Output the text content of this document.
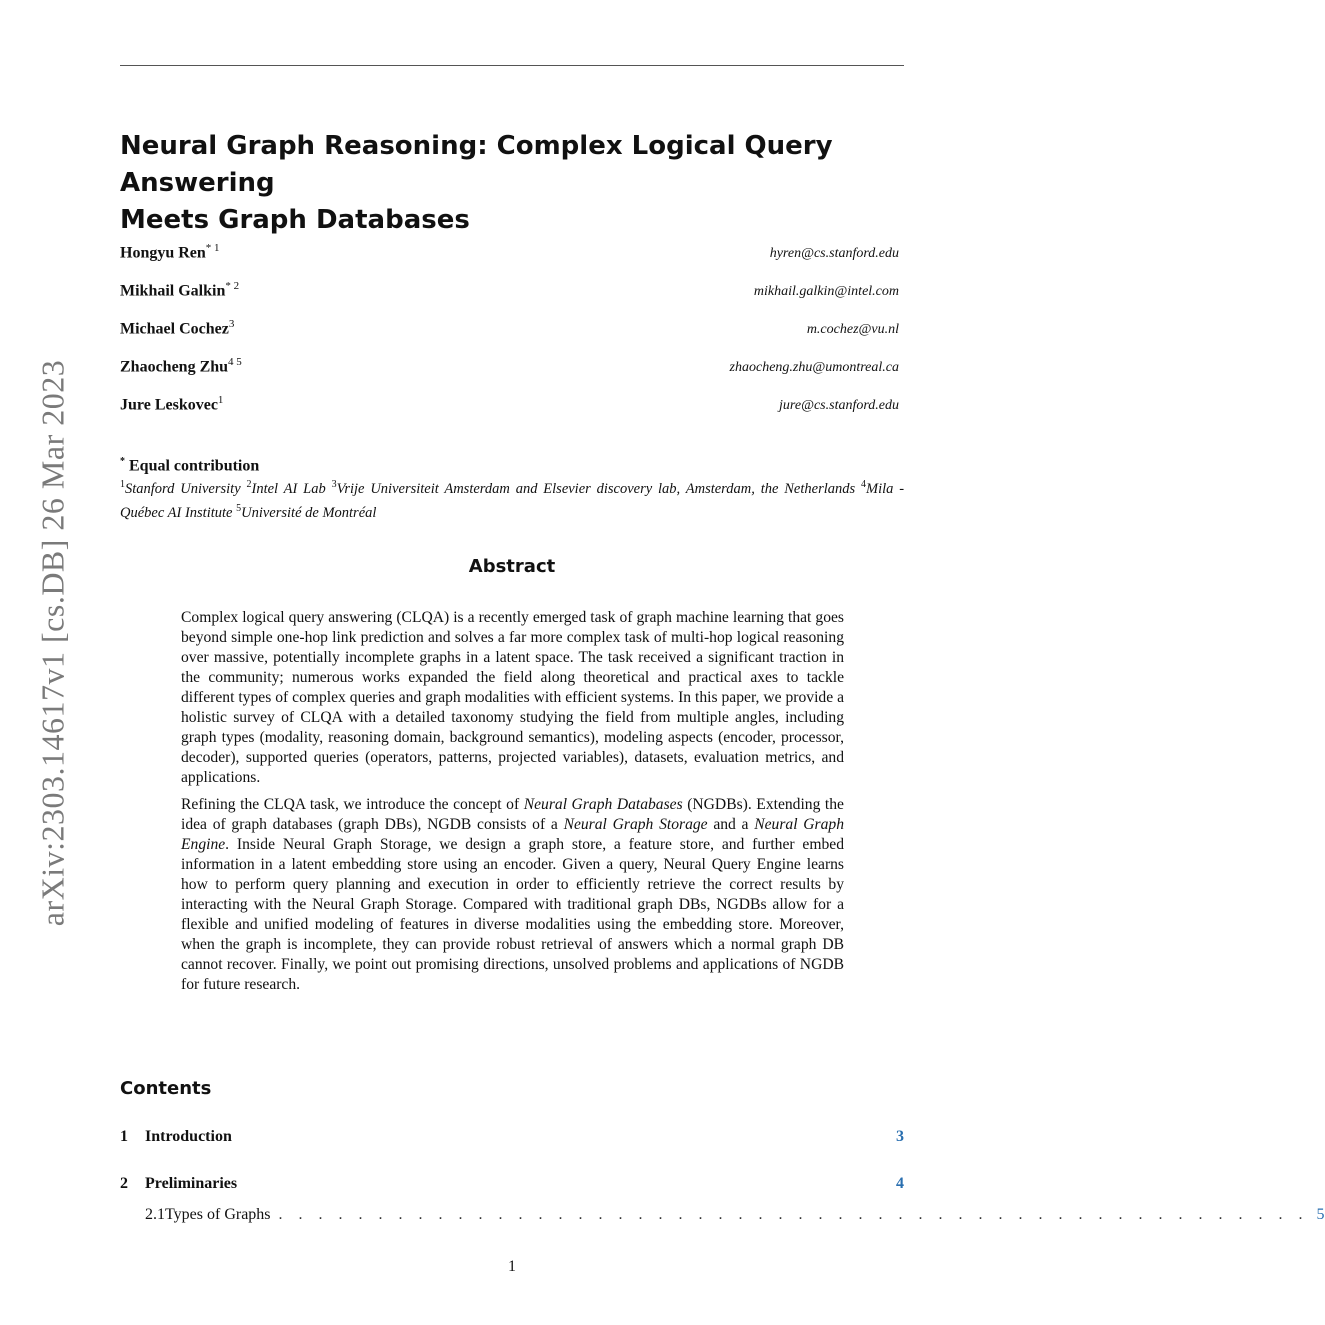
arXiv:2303.14617v1 [cs.DB] 26 Mar 2023
Neural Graph Reasoning: Complex Logical Query Answering
Meets Graph Databases
Hongyu Ren$^{* 1}$	hyren@cs.stanford.edu
Mikhail Galkin$^{* 2}$	mikhail.galkin@intel.com
Michael Cochez$^3$	m.cochez@vu.nl
Zhaocheng Zhu$^{4 5}$	zhaocheng.zhu@umontreal.ca
Jure Leskovec$^1$	jure@cs.stanford.edu
* Equal contribution
$^1$Stanford University $^2$Intel AI Lab $^3$Vrije Universiteit Amsterdam and Elsevier discovery lab, Amsterdam, the Netherlands $^4$Mila - Québec AI Institute $^5$Université de Montréal
Abstract

Complex logical query answering (CLQA) is a recently emerged task of graph machine learning that goes beyond simple one-hop link prediction and solves a far more complex task of multi-hop logical reasoning over massive, potentially incomplete graphs in a latent space. The task received a significant traction in the community; numerous works expanded the field along theoretical and practical axes to tackle different types of complex queries and graph modalities with efficient systems. In this paper, we provide a holistic survey of CLQA with a detailed taxonomy studying the field from multiple angles, including graph types (modality, reasoning domain, background semantics), modeling aspects (encoder, processor, decoder), supported queries (operators, patterns, projected variables), datasets, evaluation metrics, and applications.

Refining the CLQA task, we introduce the concept of Neural Graph Databases (NGDBs). Extending the idea of graph databases (graph DBs), NGDB consists of a Neural Graph Storage and a Neural Graph Engine. Inside Neural Graph Storage, we design a graph store, a feature store, and further embed information in a latent embedding store using an encoder. Given a query, Neural Query Engine learns how to perform query planning and execution in order to efficiently retrieve the correct results by interacting with the Neural Graph Storage. Compared with traditional graph DBs, NGDBs allow for a flexible and unified modeling of features in diverse modalities using the embedding store. Moreover, when the graph is incomplete, they can provide robust retrieval of answers which a normal graph DB cannot recover. Finally, we point out promising directions, unsolved problems and applications of NGDB for future research.

Contents
1	Introduction	3
2	Preliminaries	4
2.1 Types of Graphs . . . . . . . . . . . . . . . . . . . . . . . . . . . . . . . . . . . . . . . . . . . . . . . . . . . . 5
1
